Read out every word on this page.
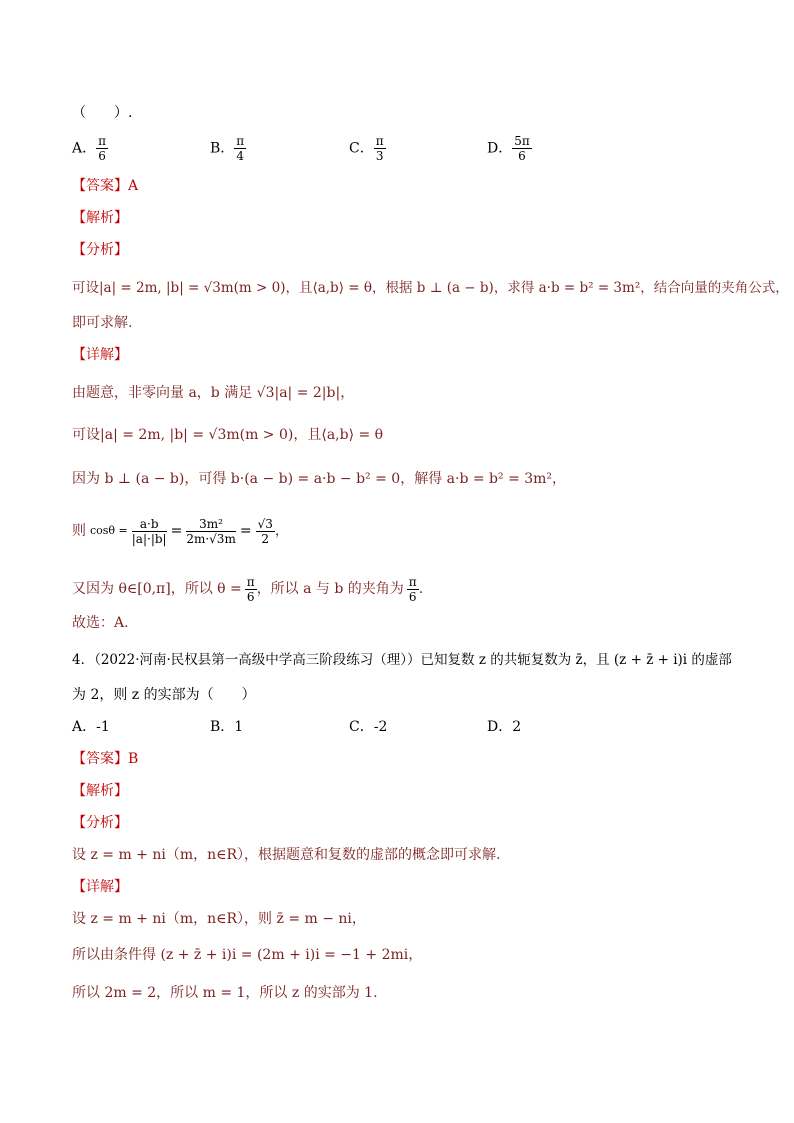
（　　）.
A． $\frac{\pi}{6}$	B． $\frac{\pi}{4}$	C． $\frac{\pi}{3}$	D． $\frac{5\pi}{6}$
【答案】A
【解析】
【分析】
可设|a| = 2m, |b| = √3m(m > 0)，且⟨a,b⟩ = θ，根据 b ⊥ (a − b)，求得 a·b = b² = 3m²，结合向量的夹角公式，
即可求解.
【详解】
由题意，非零向量 a，b 满足 √3|a| = 2|b|，
可设|a| = 2m, |b| = √3m(m > 0)，且⟨a,b⟩ = θ
因为 b ⊥ (a − b)，可得 b·(a − b) = a·b − b² = 0，解得 a·b = b² = 3m²，
则 $\cos\theta = \frac{a\cdot b}{|a|\cdot|b|} = \frac{\text{3m²}}{2m\cdot√3m} = \frac{√3}{2}$ ，
又因为 θ∈[0,π]，所以 $\theta = \frac{\pi}{6}$ ，所以 a 与 b 的夹角为 $\frac{\pi}{6}$ .
故选：A.
4．（2022·河南·民权县第一高级中学高三阶段练习（理））已知复数 z 的共轭复数为 z̄，且 (z + z̄ + i)i 的虚部
为 2，则 z 的实部为（　　）
A．-1	B．1	C．-2	D．2
【答案】B
【解析】
【分析】
设 z = m + ni（m，n∈R），根据题意和复数的虚部的概念即可求解.
【详解】
设 z = m + ni（m，n∈R），则 z̄ = m − ni，
所以由条件得 (z + z̄ + i)i = (2m + i)i = −1 + 2mi，
所以 2m = 2，所以 m = 1，所以 z 的实部为 1.
